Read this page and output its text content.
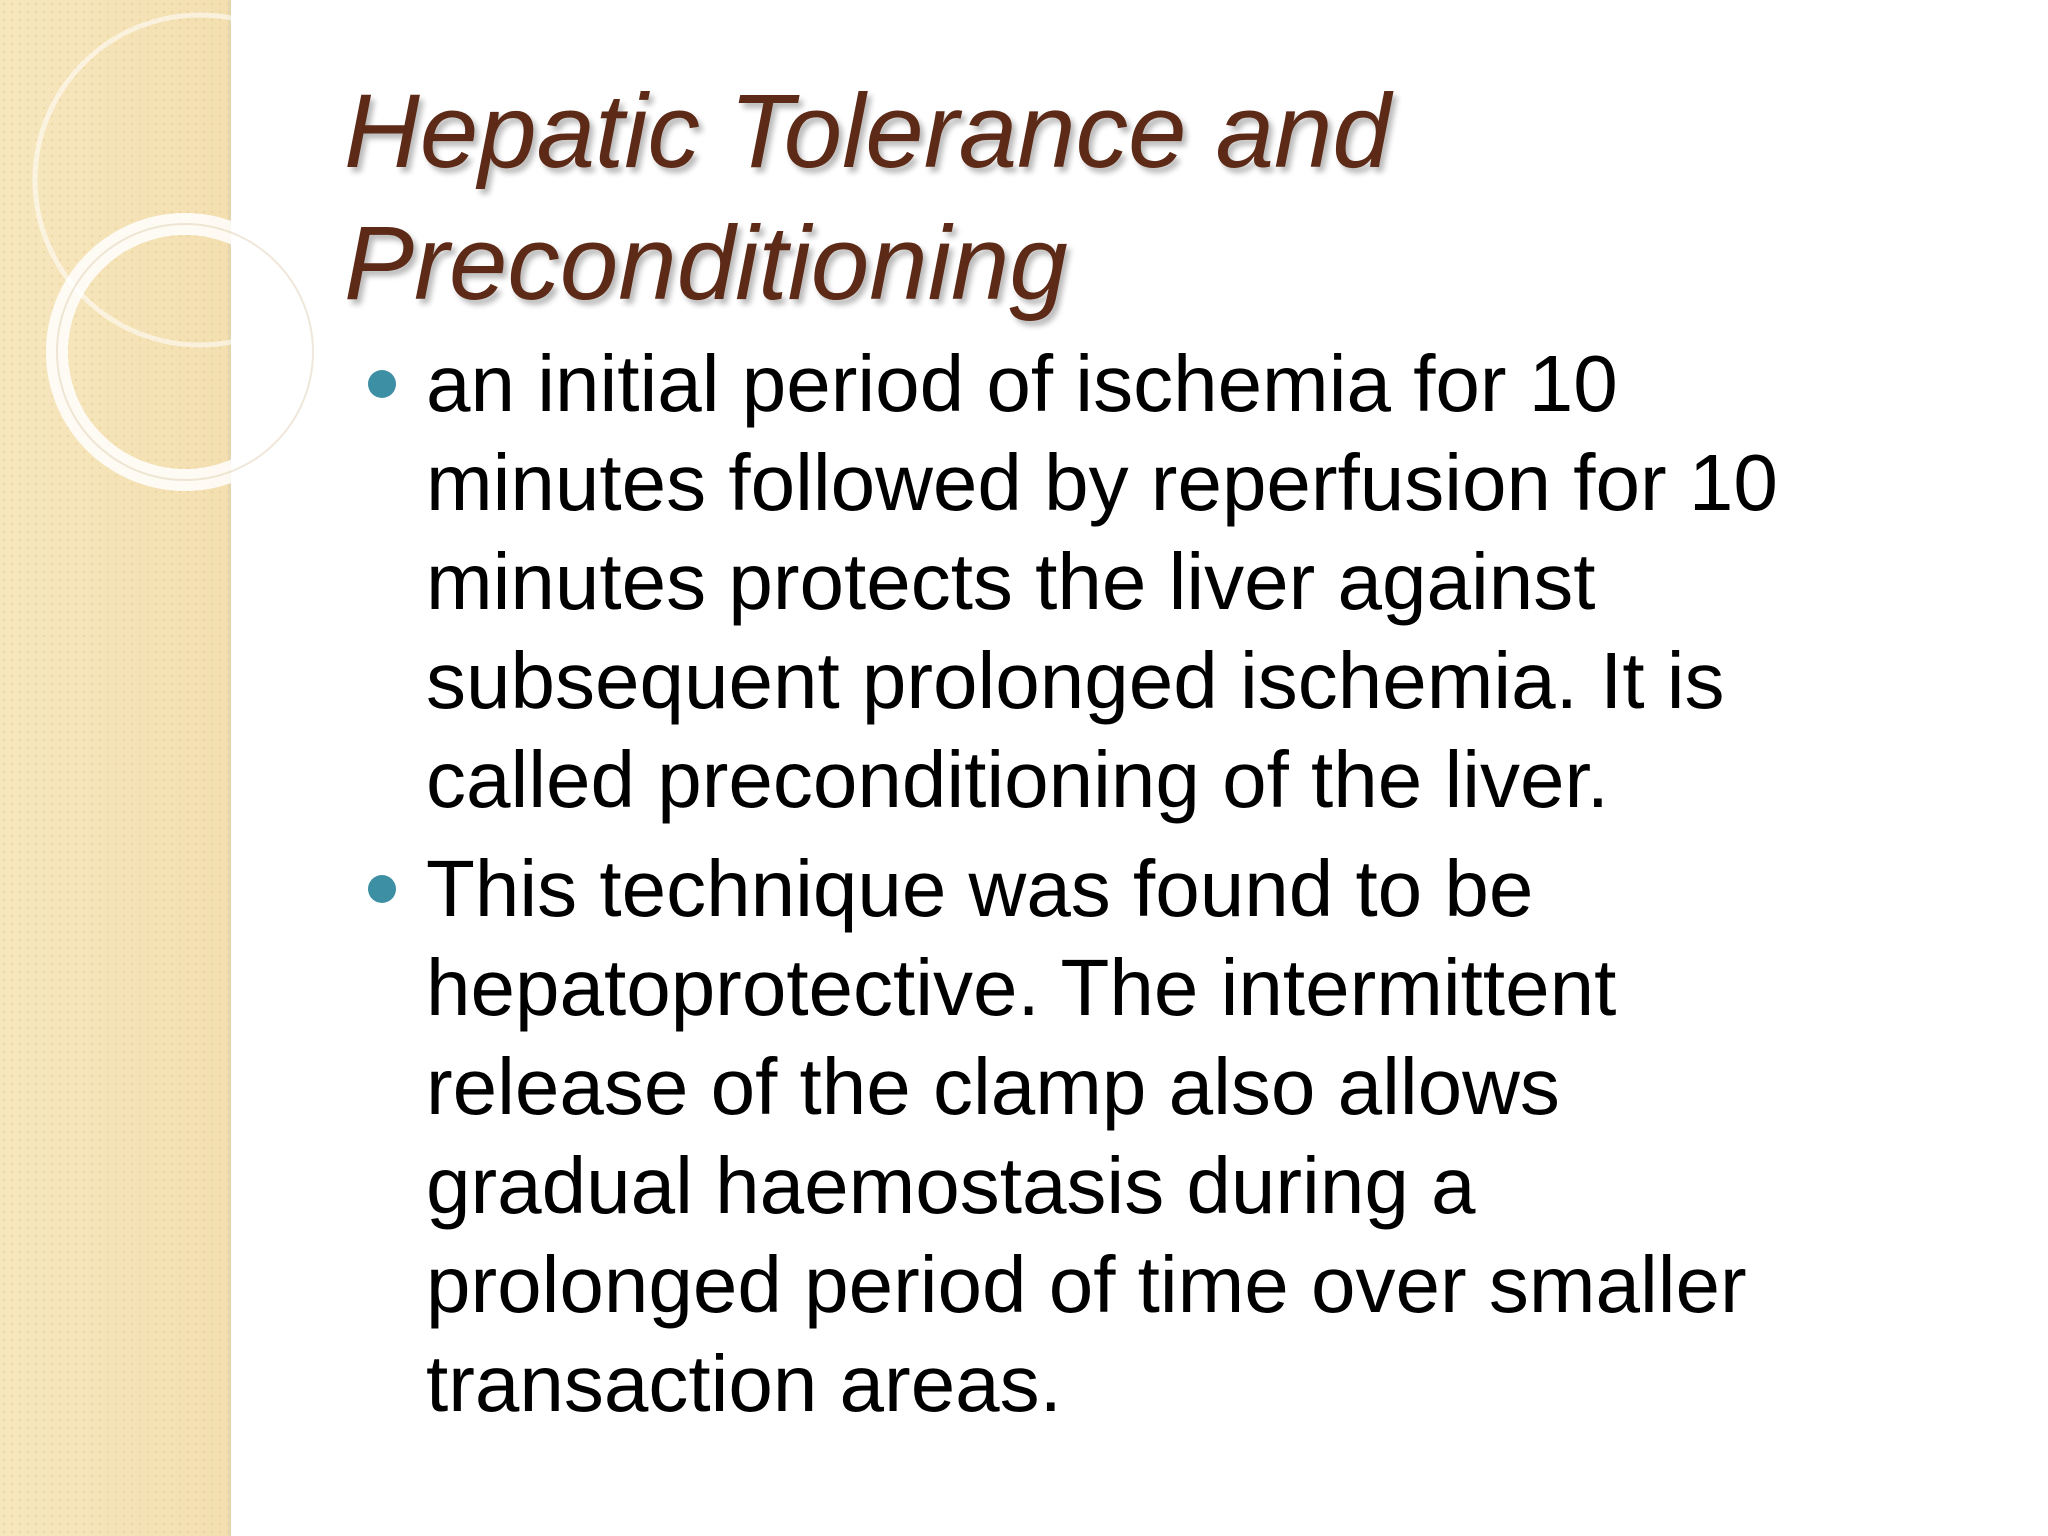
Hepatic Tolerance and
Preconditioning
an initial period of ischemia for 10
minutes followed by reperfusion for 10
minutes protects the liver against
subsequent prolonged ischemia. It is
called preconditioning of the liver.
This technique was found to be
hepatoprotective. The intermittent
release of the clamp also allows
gradual haemostasis during a
prolonged period of time over smaller
transaction areas.
